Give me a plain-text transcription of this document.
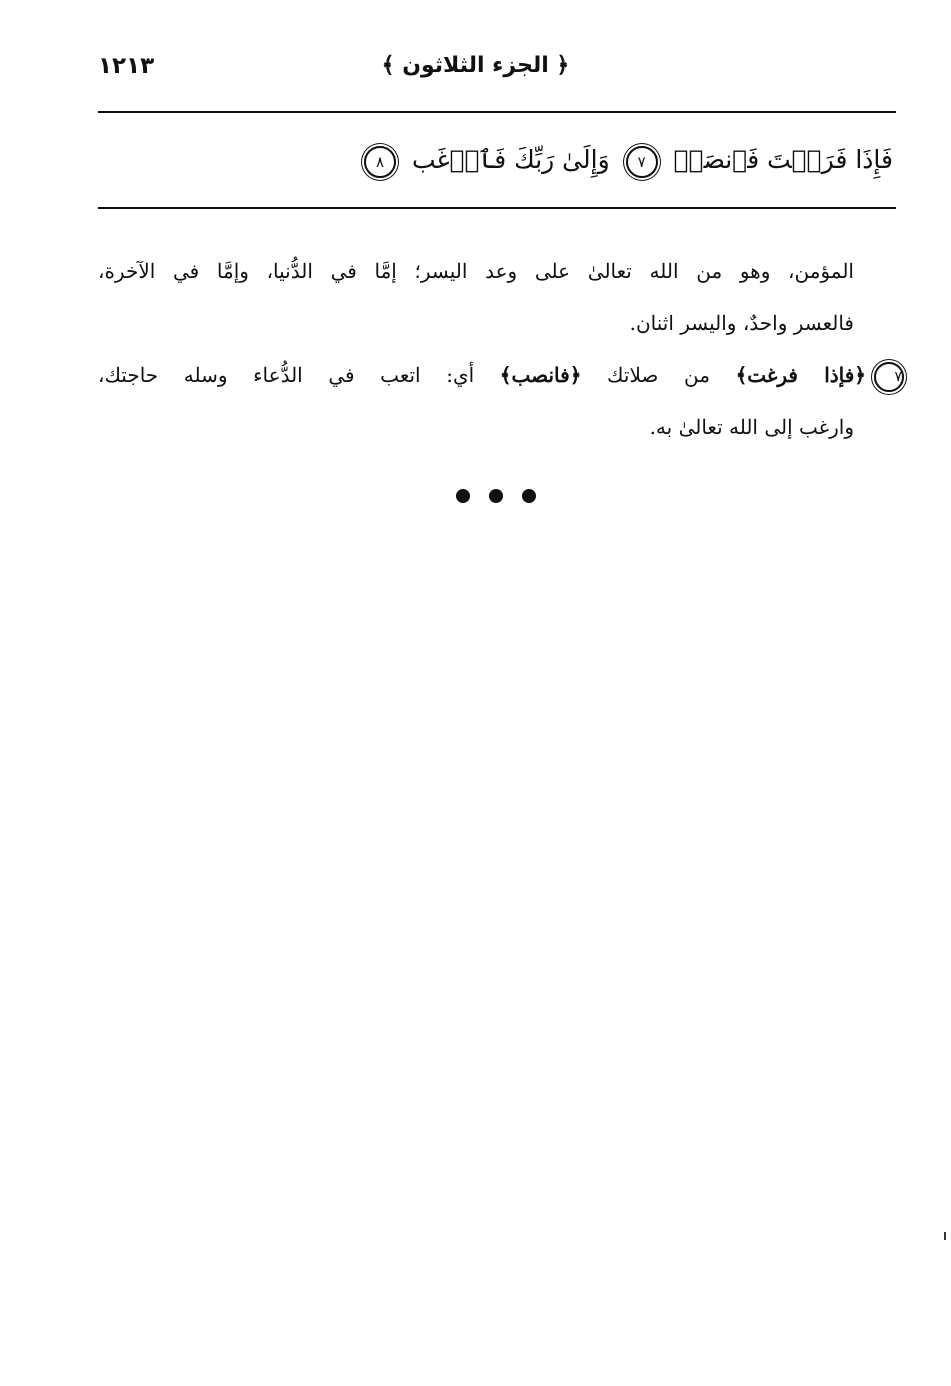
﴿ الجزء الثلاثون ﴾
١٢١٣
فَإِذَا فَرَغۡتَ فَٱنصَبۡ ٧ وَإِلَىٰ رَبِّكَ فَٱرۡغَب ٨
المؤمن، وهو من الله تعالىٰ على وعد اليسر؛ إمَّا في الدُّنيا، وإمَّا في الآخرة،
فالعسر واحدٌ، واليسر اثنان.
٧﴿فإذا فرغت﴾ من صلاتك ﴿فانصب﴾ أي: اتعب في الدُّعاء وسله حاجتك،
وارغب إلى الله تعالىٰ به.
